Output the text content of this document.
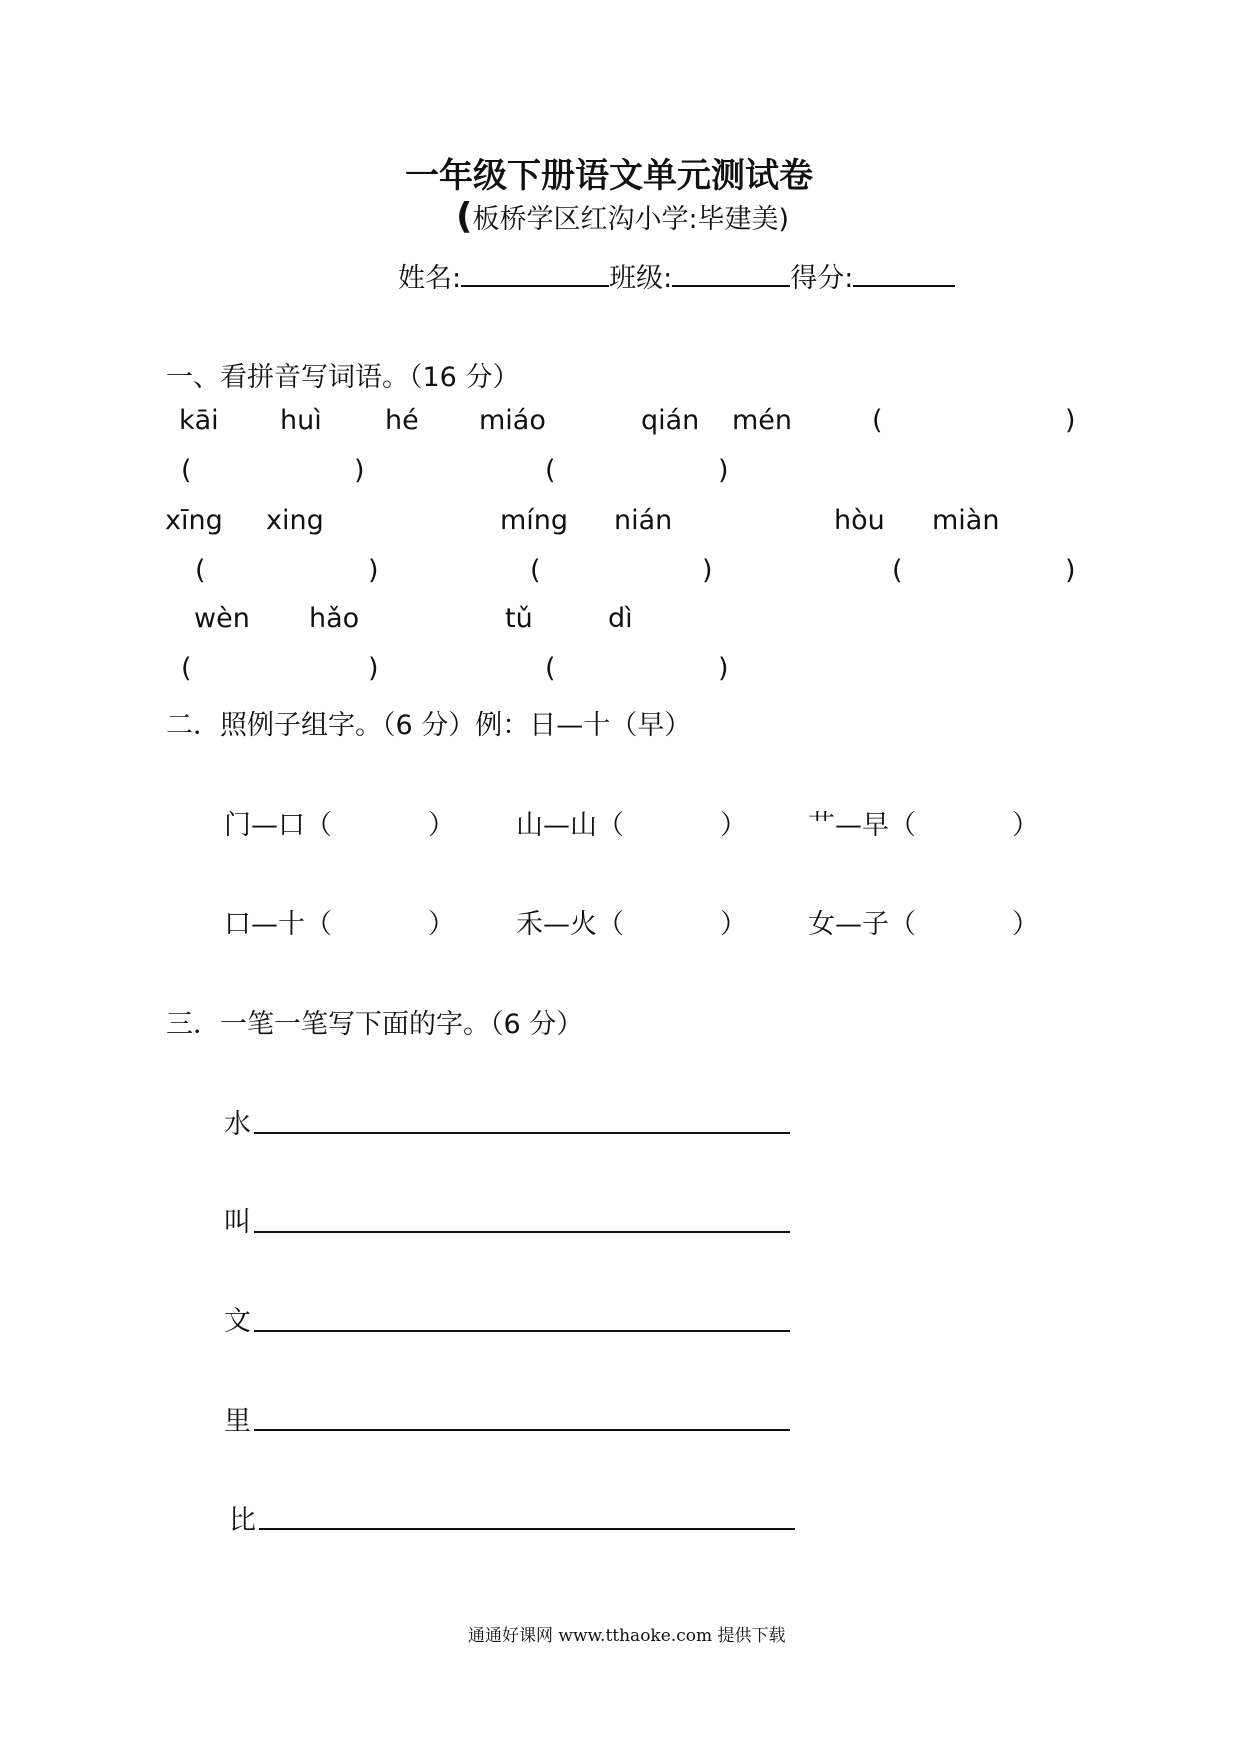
一年级下册语文单元测试卷
(板桥学区红沟小学:毕建美)
姓名:	班级:	得分:
一、看拼音写词语。（16 分）
kāi huì hé miáo	qián mén	(	)
(	)	(	)
xīng xing	míng nián	hòu miàn
(	)	(	)	(	)
wèn hǎo	tǔ	dì
(	)	(	)
二．照例子组字。（6 分）例：日—十（早）
门—口（	） 山—山（	） 艹—早（	）
口—十（	） 禾—火（	） 女—子（	）
三．一笔一笔写下面的字。（6 分）
水
叫
文
里
比
通通好课网 www.tthaoke.com 提供下载
